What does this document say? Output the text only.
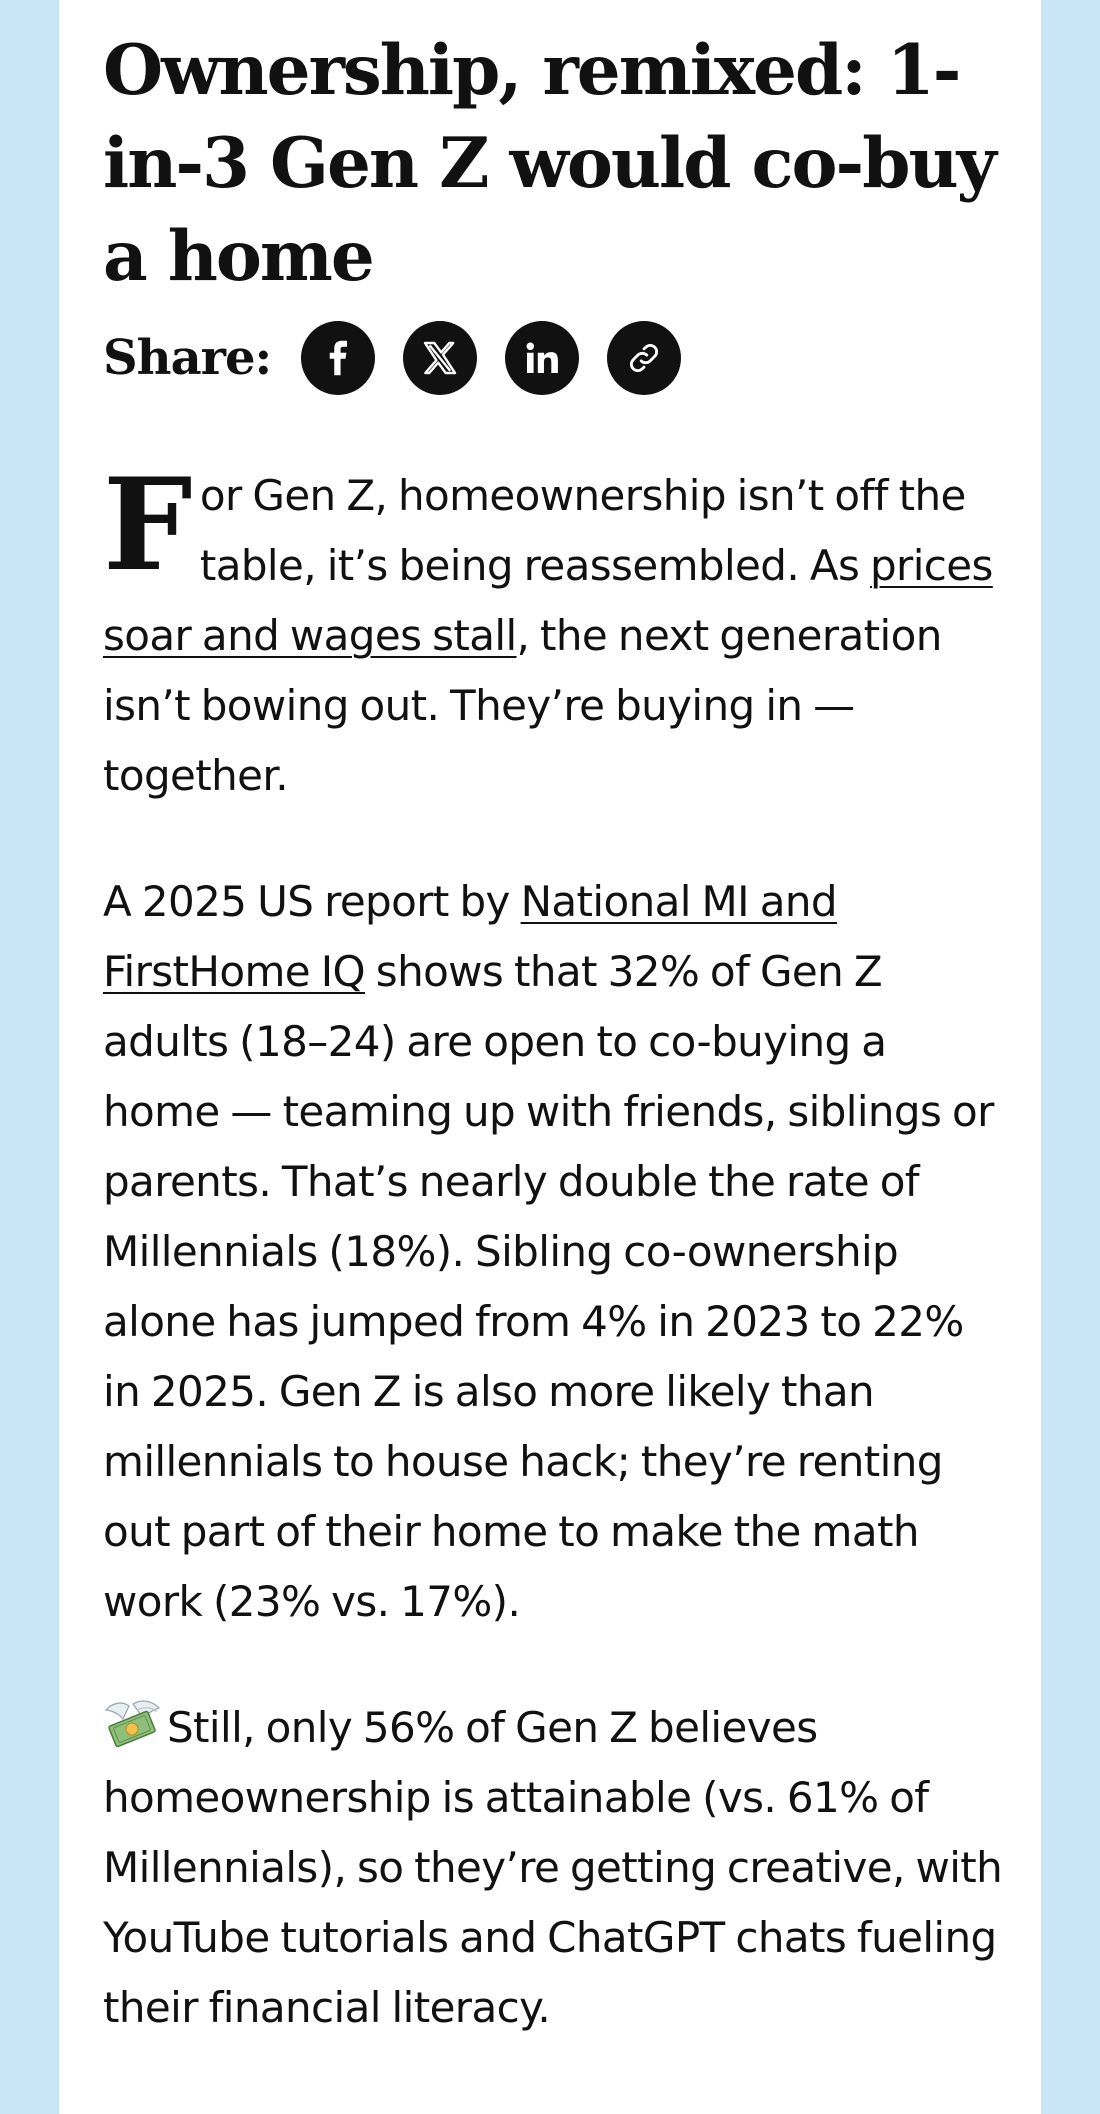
Ownership, remixed: 1-in-3 Gen Z would co-buy a home
Share:

For Gen Z, homeownership isn’t off the table, it’s being reassembled. As prices soar and wages stall, the next generation isn’t bowing out. They’re buying in — together.

A 2025 US report by National MI and FirstHome IQ shows that 32% of Gen Z adults (18–24) are open to co-buying a home — teaming up with friends, siblings or parents. That’s nearly double the rate of Millennials (18%). Sibling co-ownership alone has jumped from 4% in 2023 to 22% in 2025. Gen Z is also more likely than millennials to house hack; they’re renting out part of their home to make the math work (23% vs. 17%).

Still, only 56% of Gen Z believes homeownership is attainable (vs. 61% of Millennials), so they’re getting creative, with YouTube tutorials and ChatGPT chats fueling their financial literacy.
